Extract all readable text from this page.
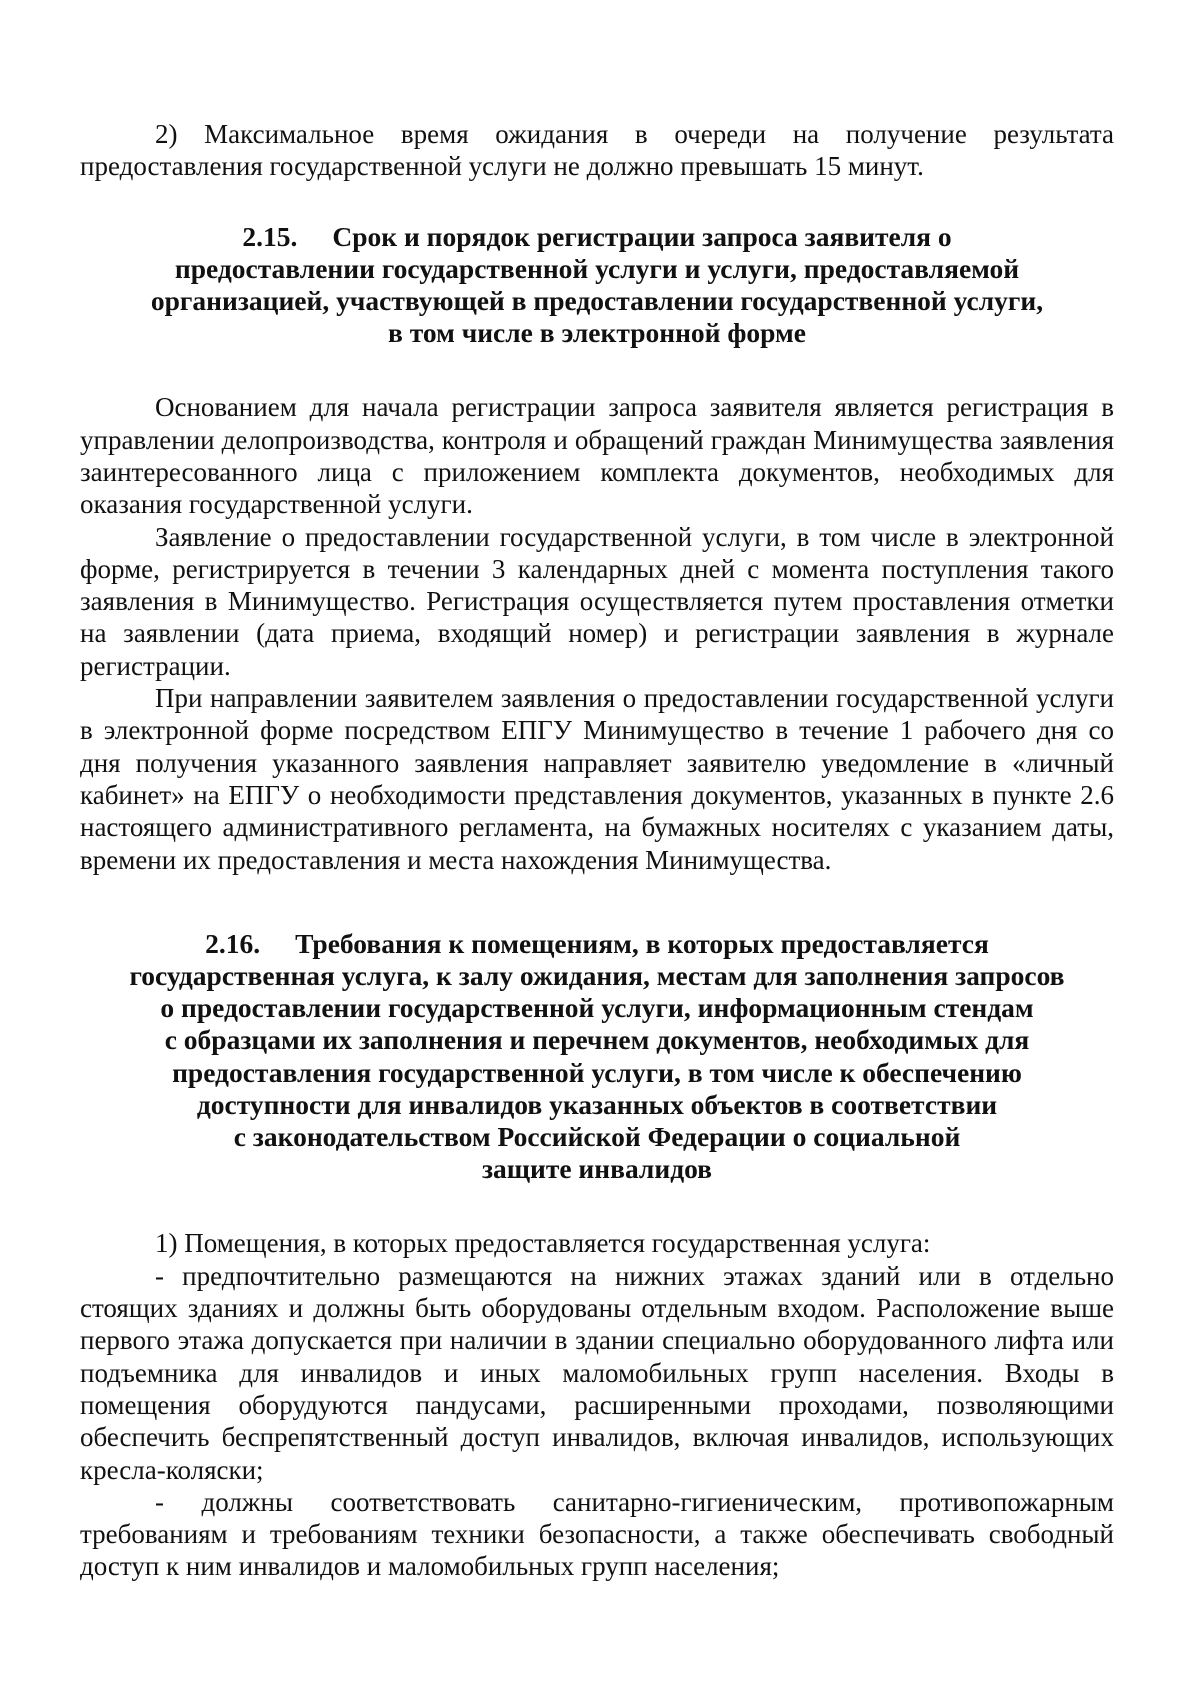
2) Максимальное время ожидания в очереди на получение результата предоставления государственной услуги не должно превышать 15 минут.

2.15. Срок и порядок регистрации запроса заявителя о
предоставлении государственной услуги и услуги, предоставляемой
организацией, участвующей в предоставлении государственной услуги,
в том числе в электронной форме

Основанием для начала регистрации запроса заявителя является регистрация в управлении делопроизводства, контроля и обращений граждан Минимущества заявления заинтересованного лица с приложением комплекта документов, необходимых для оказания государственной услуги.

Заявление о предоставлении государственной услуги, в том числе в электронной форме, регистрируется в течении 3 календарных дней с момента поступления такого заявления в Минимущество. Регистрация осуществляется путем проставления отметки на заявлении (дата приема, входящий номер) и регистрации заявления в журнале регистрации.

При направлении заявителем заявления о предоставлении государственной услуги в электронной форме посредством ЕПГУ Минимущество в течение 1 рабочего дня со дня получения указанного заявления направляет заявителю уведомление в «личный кабинет» на ЕПГУ о необходимости представления документов, указанных в пункте 2.6 настоящего административного регламента, на бумажных носителях с указанием даты, времени их предоставления и места нахождения Минимущества.

2.16. Требования к помещениям, в которых предоставляется
государственная услуга, к залу ожидания, местам для заполнения запросов
о предоставлении государственной услуги, информационным стендам
с образцами их заполнения и перечнем документов, необходимых для
предоставления государственной услуги, в том числе к обеспечению
доступности для инвалидов указанных объектов в соответствии
с законодательством Российской Федерации о социальной
защите инвалидов

1) Помещения, в которых предоставляется государственная услуга:

- предпочтительно размещаются на нижних этажах зданий или в отдельно стоящих зданиях и должны быть оборудованы отдельным входом. Расположение выше первого этажа допускается при наличии в здании специально оборудованного лифта или подъемника для инвалидов и иных маломобильных групп населения. Входы в помещения оборудуются пандусами, расширенными проходами, позволяющими обеспечить беспрепятственный доступ инвалидов, включая инвалидов, использующих кресла-коляски;

- должны соответствовать санитарно-гигиеническим, противопожарным требованиям и требованиям техники безопасности, а также обеспечивать свободный доступ к ним инвалидов и маломобильных групп населения;
